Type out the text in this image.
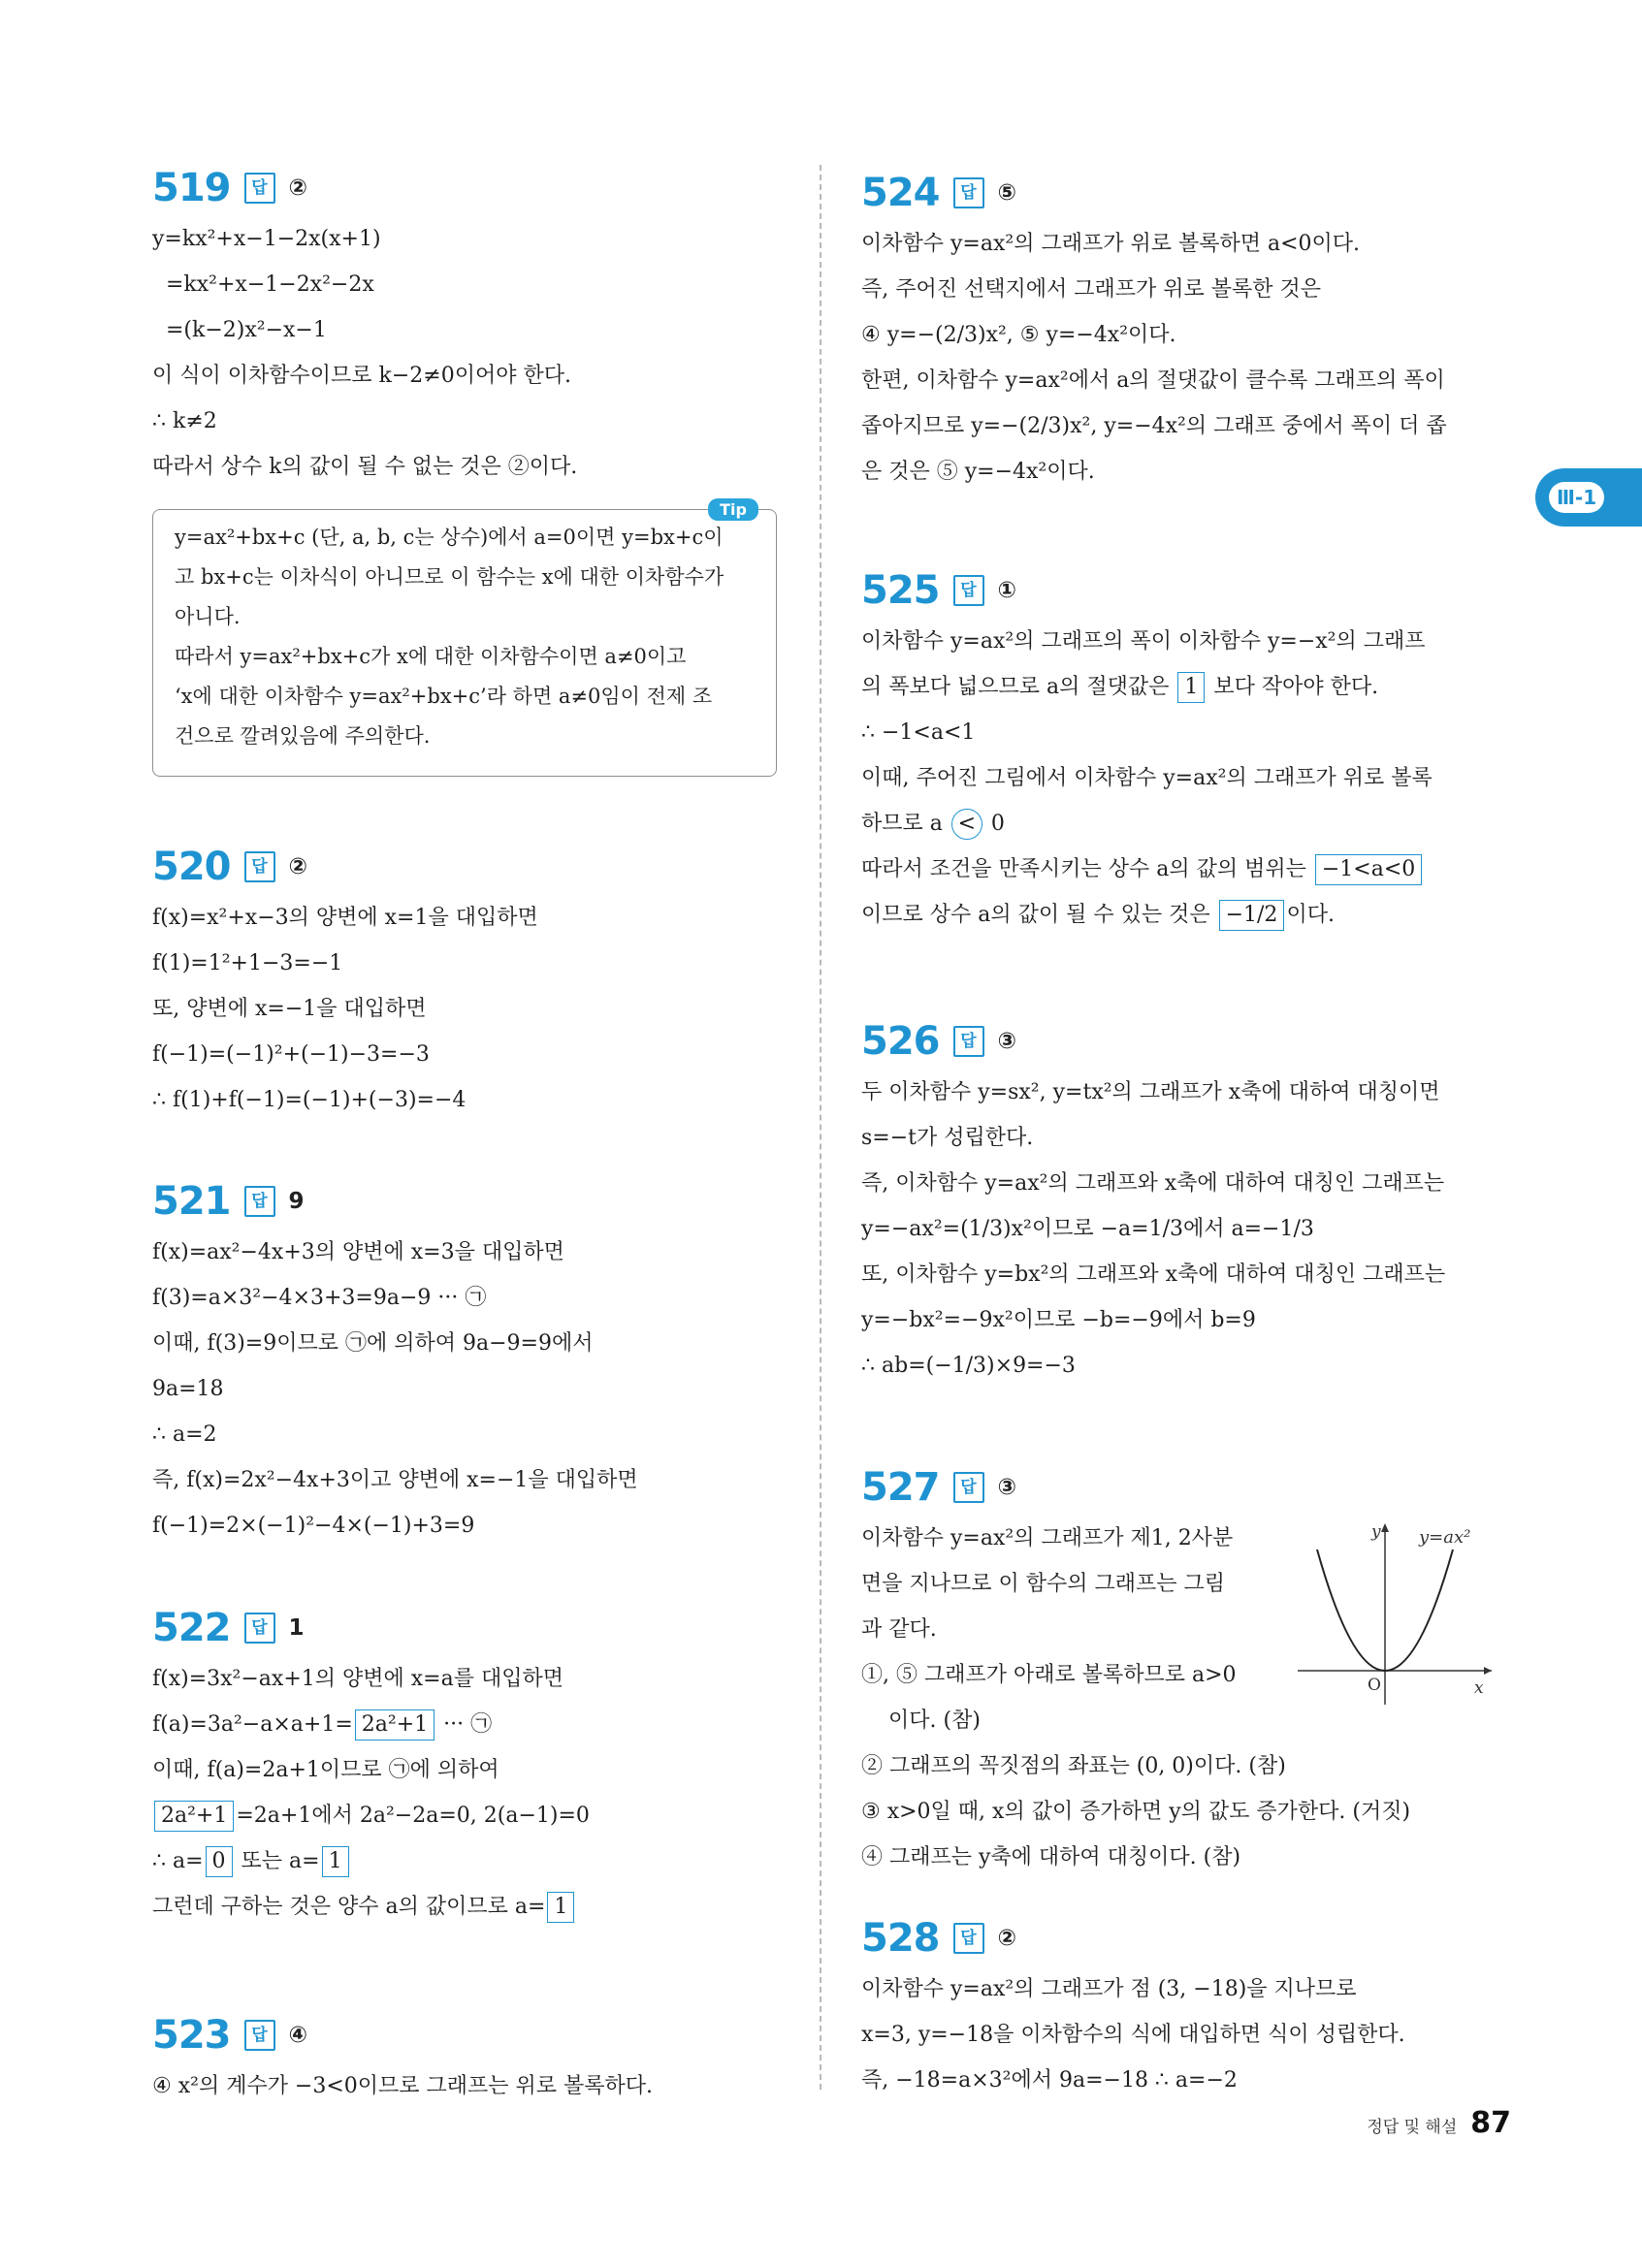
519	답 ②
y=kx²+x−1−2x(x+1)
=kx²+x−1−2x²−2x
=(k−2)x²−x−1
이 식이 이차함수이므로 k−2≠0이어야 한다.
∴ k≠2
따라서 상수 k의 값이 될 수 없는 것은 ②이다.
Tip
y=ax²+bx+c (단, a, b, c는 상수)에서 a=0이면 y=bx+c이
고 bx+c는 이차식이 아니므로 이 함수는 x에 대한 이차함수가
아니다.
따라서 y=ax²+bx+c가 x에 대한 이차함수이면 a≠0이고
‘x에 대한 이차함수 y=ax²+bx+c’라 하면 a≠0임이 전제 조
건으로 깔려있음에 주의한다.
520	답 ②
f(x)=x²+x−3의 양변에 x=1을 대입하면
f(1)=1²+1−3=−1
또, 양변에 x=−1을 대입하면
f(−1)=(−1)²+(−1)−3=−3
∴ f(1)+f(−1)=(−1)+(−3)=−4
521	답 9
f(x)=ax²−4x+3의 양변에 x=3을 대입하면
f(3)=a×3²−4×3+3=9a−9 ··· ㉠
이때, f(3)=9이므로 ㉠에 의하여 9a−9=9에서
9a=18
∴ a=2
즉, f(x)=2x²−4x+3이고 양변에 x=−1을 대입하면
f(−1)=2×(−1)²−4×(−1)+3=9
522	답 1
f(x)=3x²−ax+1의 양변에 x=a를 대입하면
f(a)=3a²−a×a+1= 2a²+1 ··· ㉠
이때, f(a)=2a+1이므로 ㉠에 의하여
2a²+1 =2a+1에서 2a²−2a=0, 2(a−1)=0
∴ a= 0 또는 a= 1
그런데 구하는 것은 양수 a의 값이므로 a= 1
523	답 ④
④ x²의 계수가 −3<0이므로 그래프는 위로 볼록하다.
524	답 ⑤
이차함수 y=ax²의 그래프가 위로 볼록하면 a<0이다.
즉, 주어진 선택지에서 그래프가 위로 볼록한 것은
④ y=−(2/3)x², ⑤ y=−4x²이다.
한편, 이차함수 y=ax²에서 a의 절댓값이 클수록 그래프의 폭이
좁아지므로 y=−(2/3)x², y=−4x²의 그래프 중에서 폭이 더 좁
은 것은 ⑤ y=−4x²이다.
525	답 ①
이차함수 y=ax²의 그래프의 폭이 이차함수 y=−x²의 그래프
의 폭보다 넓으므로 a의 절댓값은 1 보다 작아야 한다.
∴ −1<a<1
이때, 주어진 그림에서 이차함수 y=ax²의 그래프가 위로 볼록
하므로 a < 0
따라서 조건을 만족시키는 상수 a의 값의 범위는 −1<a<0
이므로 상수 a의 값이 될 수 있는 것은 −1/2 이다.
526	답 ③
두 이차함수 y=sx², y=tx²의 그래프가 x축에 대하여 대칭이면
s=−t가 성립한다.
즉, 이차함수 y=ax²의 그래프와 x축에 대하여 대칭인 그래프는
y=−ax²=(1/3)x²이므로 −a=1/3에서 a=−1/3
또, 이차함수 y=bx²의 그래프와 x축에 대하여 대칭인 그래프는
y=−bx²=−9x²이므로 −b=−9에서 b=9
∴ ab=(−1/3)×9=−3
527	답 ③
이차함수 y=ax²의 그래프가 제1, 2사분
면을 지나므로 이 함수의 그래프는 그림
과 같다.
①, ⑤ 그래프가 아래로 볼록하므로 a>0
이다. (참)
② 그래프의 꼭짓점의 좌표는 (0, 0)이다. (참)
③ x>0일 때, x의 값이 증가하면 y의 값도 증가한다. (거짓)
④ 그래프는 y축에 대하여 대칭이다. (참)
y=ax²
y
x
O
528	답 ②
이차함수 y=ax²의 그래프가 점 (3, −18)을 지나므로
x=3, y=−18을 이차함수의 식에 대입하면 식이 성립한다.
즉, −18=a×3²에서 9a=−18 ∴ a=−2
Ⅲ-1
정답 및 해설 87
